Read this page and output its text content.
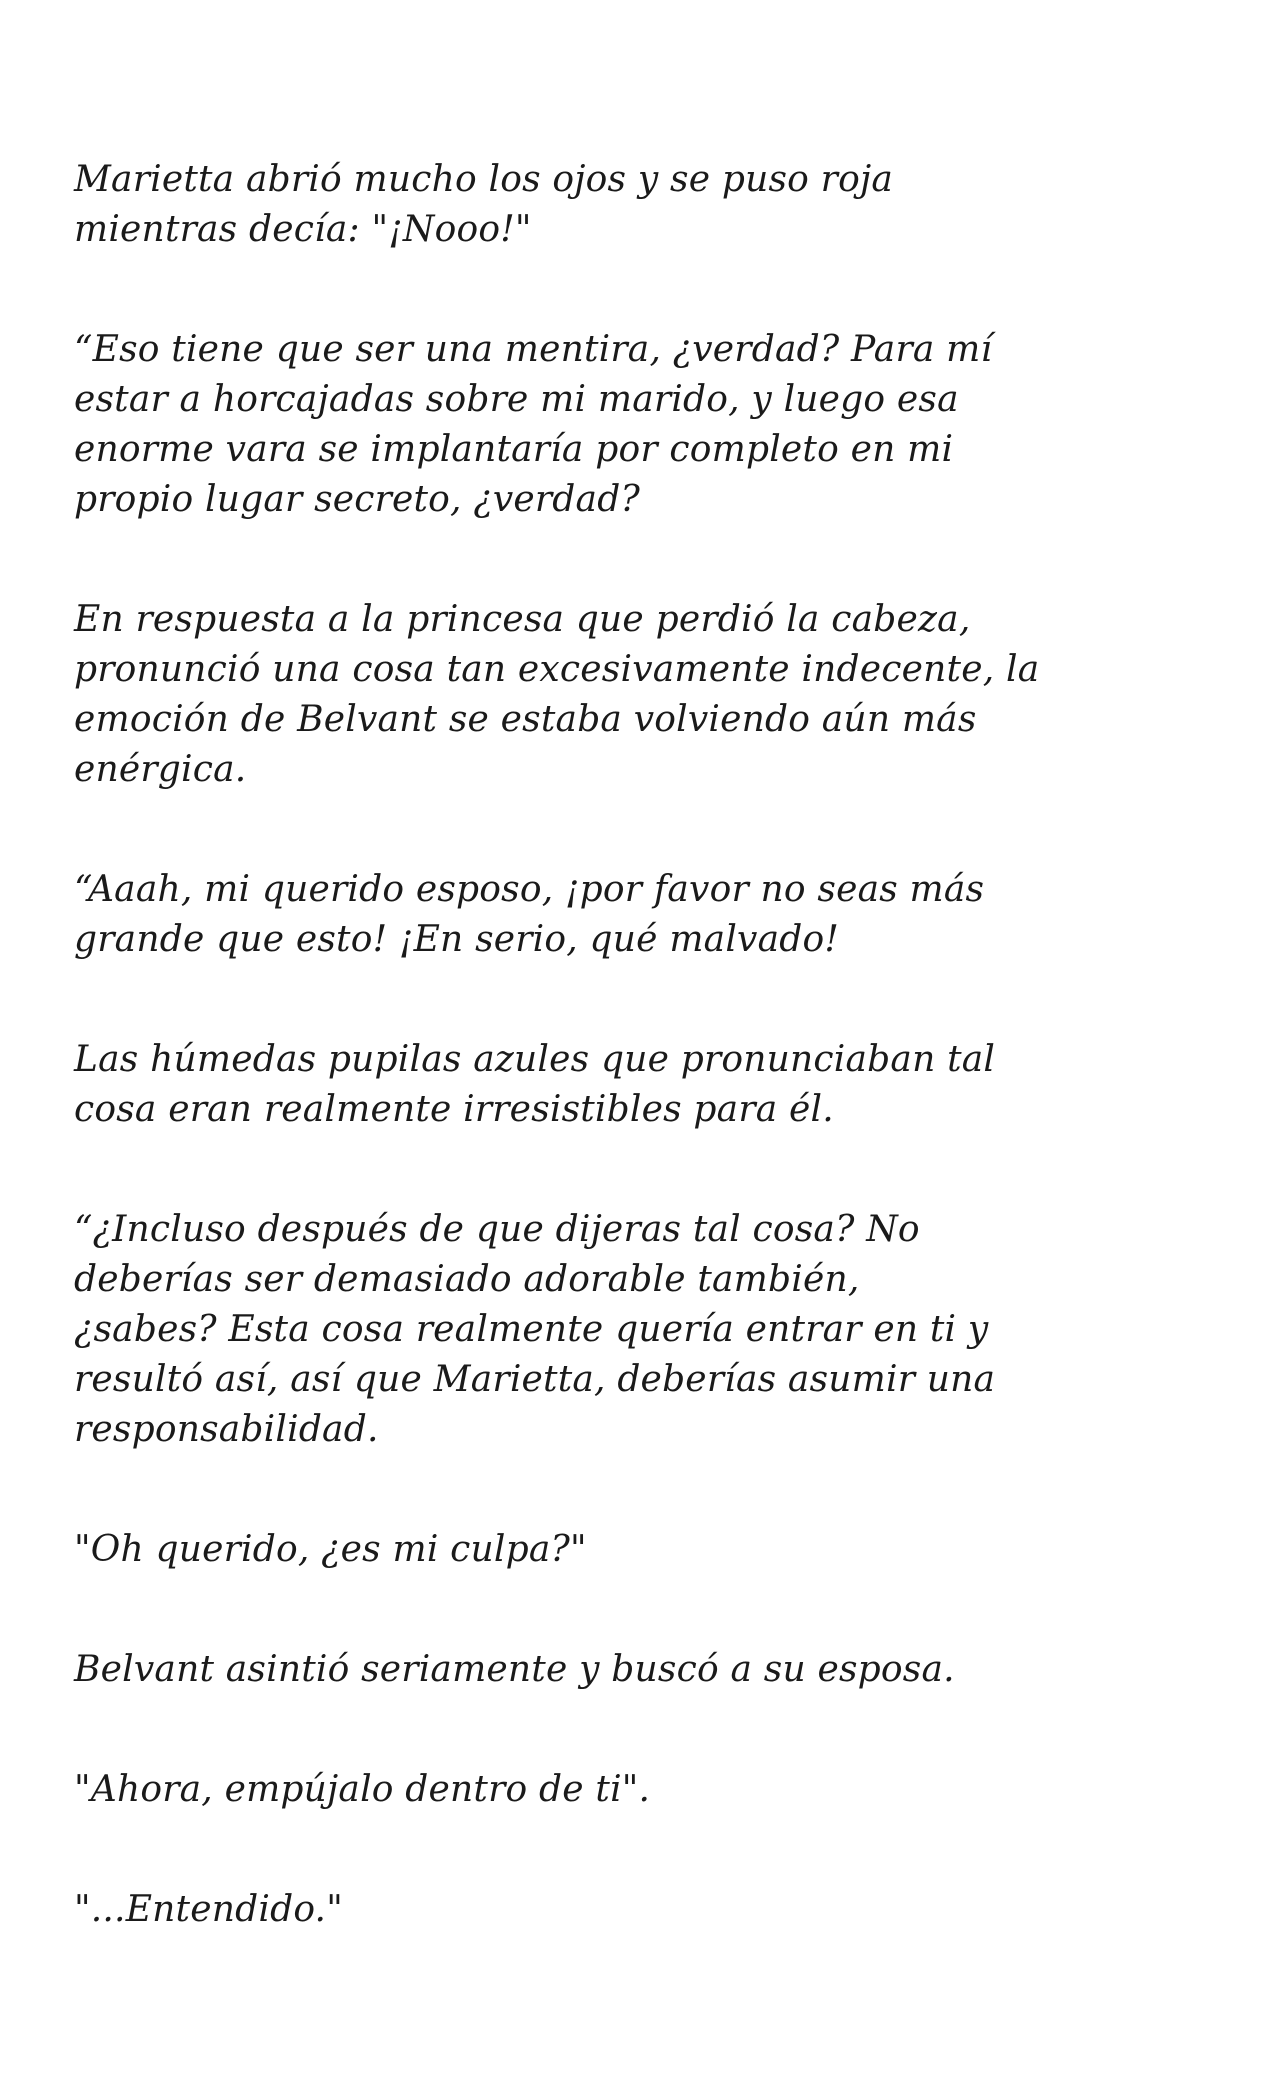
Marietta abrió mucho los ojos y se puso roja
mientras decía: "¡Nooo!"

“Eso tiene que ser una mentira, ¿verdad? Para mí
estar a horcajadas sobre mi marido, y luego esa
enorme vara se implantaría por completo en mi
propio lugar secreto, ¿verdad?

En respuesta a la princesa que perdió la cabeza,
pronunció una cosa tan excesivamente indecente, la
emoción de Belvant se estaba volviendo aún más
enérgica.

“Aaah, mi querido esposo, ¡por favor no seas más
grande que esto! ¡En serio, qué malvado!

Las húmedas pupilas azules que pronunciaban tal
cosa eran realmente irresistibles para él.

“¿Incluso después de que dijeras tal cosa? No
deberías ser demasiado adorable también,
¿sabes? Esta cosa realmente quería entrar en ti y
resultó así, así que Marietta, deberías asumir una
responsabilidad.

"Oh querido, ¿es mi culpa?"

Belvant asintió seriamente y buscó a su esposa.

"Ahora, empújalo dentro de ti".

"...Entendido."
